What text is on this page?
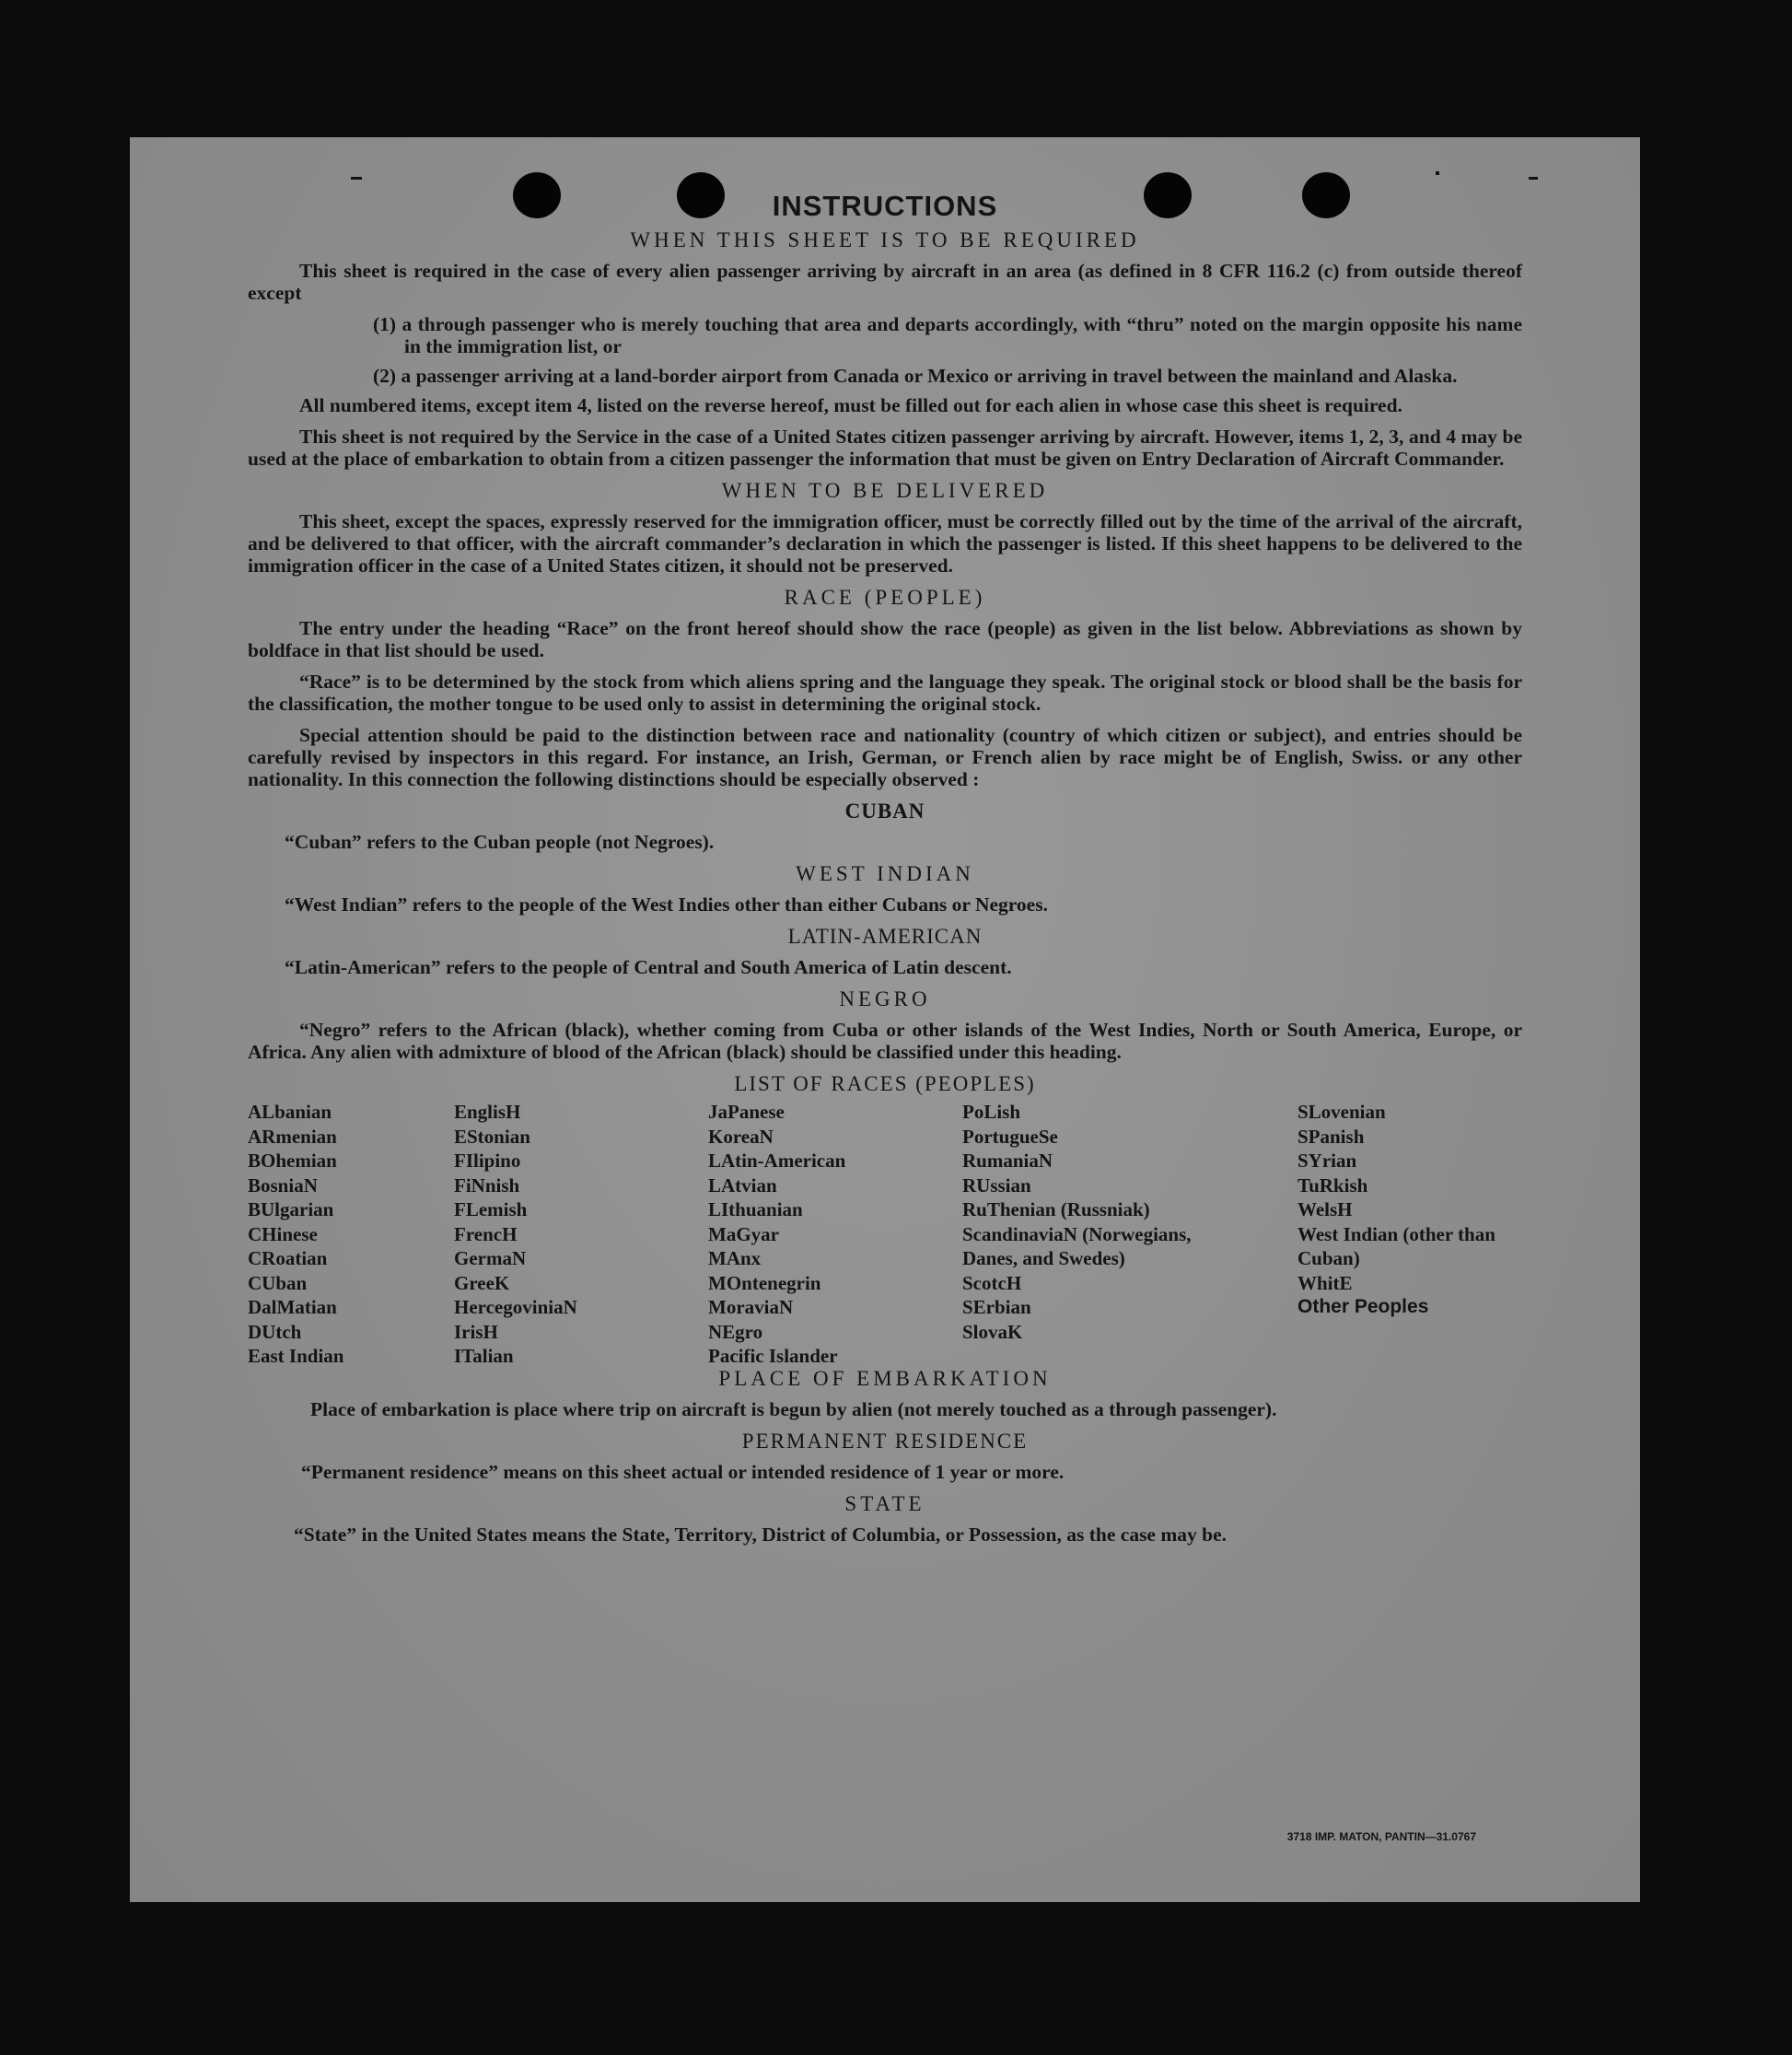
INSTRUCTIONS
WHEN THIS SHEET IS TO BE REQUIRED

This sheet is required in the case of every alien passenger arriving by aircraft in an area (as defined in 8 CFR 116.2 (c) from outside thereof except

(1) a through passenger who is merely touching that area and departs accordingly, with “thru” noted on the margin opposite his name in the immigration list, or
(2) a passenger arriving at a land-border airport from Canada or Mexico or arriving in travel between the mainland and Alaska.

All numbered items, except item 4, listed on the reverse hereof, must be filled out for each alien in whose case this sheet is required.

This sheet is not required by the Service in the case of a United States citizen passenger arriving by aircraft. However, items 1, 2, 3, and 4 may be used at the place of embarkation to obtain from a citizen passenger the information that must be given on Entry Declaration of Aircraft Commander.

WHEN TO BE DELIVERED

This sheet, except the spaces, expressly reserved for the immigration officer, must be correctly filled out by the time of the arrival of the aircraft, and be delivered to that officer, with the aircraft commander’s declaration in which the passenger is listed. If this sheet happens to be delivered to the immigration officer in the case of a United States citizen, it should not be preserved.

RACE (PEOPLE)

The entry under the heading “Race” on the front hereof should show the race (people) as given in the list below. Abbreviations as shown by boldface in that list should be used.

“Race” is to be determined by the stock from which aliens spring and the language they speak. The original stock or blood shall be the basis for the classification, the mother tongue to be used only to assist in determining the original stock.

Special attention should be paid to the distinction between race and nationality (country of which citizen or subject), and entries should be carefully revised by inspectors in this regard. For instance, an Irish, German, or French alien by race might be of English, Swiss. or any other nationality. In this connection the following distinctions should be especially observed :

CUBAN

“Cuban” refers to the Cuban people (not Negroes).

WEST INDIAN

“West Indian” refers to the people of the West Indies other than either Cubans or Negroes.

LATIN-AMERICAN

“Latin-American” refers to the people of Central and South America of Latin descent.

NEGRO

“Negro” refers to the African (black), whether coming from Cuba or other islands of the West Indies, North or South America, Europe, or Africa. Any alien with admixture of blood of the African (black) should be classified under this heading.

LIST OF RACES (PEOPLES)
ALbanian
ARmenian
BOhemian
BosniaN
BUlgarian
CHinese
CRoatian
CUban
DalMatian
DUtch
East Indian
EnglisH
EStonian
FIlipino
FiNnish
FLemish
FrencH
GermaN
GreeK
HercegoviniaN
IrisH
ITalian
JaPanese
KoreaN
LAtin-American
LAtvian
LIthuanian
MaGyar
MAnx
MOntenegrin
MoraviaN
NEgro
Pacific Islander
PoLish
PortugueSe
RumaniaN
RUssian
RuThenian (Russniak)
ScandinaviaN (Norwegians, Danes, and Swedes)
ScotcH
SErbian
SlovaK
SLovenian
SPanish
SYrian
TuRkish
WelsH
West Indian (other than Cuban)
WhitE
Other Peoples
PLACE OF EMBARKATION

Place of embarkation is place where trip on aircraft is begun by alien (not merely touched as a through passenger).

PERMANENT RESIDENCE

“Permanent residence” means on this sheet actual or intended residence of 1 year or more.

STATE

“State” in the United States means the State, Territory, District of Columbia, or Possession, as the case may be.

3718 IMP. MATON, PANTIN—31.0767
